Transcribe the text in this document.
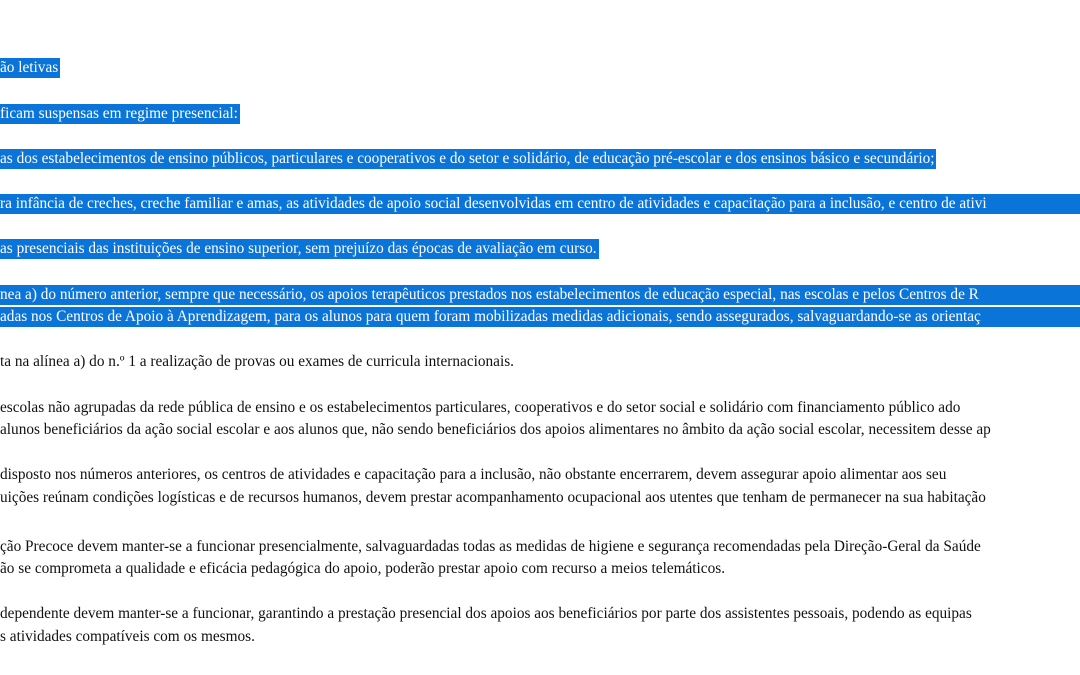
ão letivas
ficam suspensas em regime presencial:
as dos estabelecimentos de ensino públicos, particulares e cooperativos e do setor e solidário, de educação pré-escolar e dos ensinos básico e secundário;
ra infância de creches, creche familiar e amas, as atividades de apoio social desenvolvidas em centro de atividades e capacitação para a inclusão, e centro de ativi
as presenciais das instituições de ensino superior, sem prejuízo das épocas de avaliação em curso.
nea a) do número anterior, sempre que necessário, os apoios terapêuticos prestados nos estabelecimentos de educação especial, nas escolas e pelos Centros de R
adas nos Centros de Apoio à Aprendizagem, para os alunos para quem foram mobilizadas medidas adicionais, sendo assegurados, salvaguardando-se as orientaç
ta na alínea a) do n.º 1 a realização de provas ou exames de curricula internacionais.
escolas não agrupadas da rede pública de ensino e os estabelecimentos particulares, cooperativos e do setor social e solidário com financiamento público ado
alunos beneficiários da ação social escolar e aos alunos que, não sendo beneficiários dos apoios alimentares no âmbito da ação social escolar, necessitem desse ap
disposto nos números anteriores, os centros de atividades e capacitação para a inclusão, não obstante encerrarem, devem assegurar apoio alimentar aos seu
uições reúnam condições logísticas e de recursos humanos, devem prestar acompanhamento ocupacional aos utentes que tenham de permanecer na sua habitação
ção Precoce devem manter-se a funcionar presencialmente, salvaguardadas todas as medidas de higiene e segurança recomendadas pela Direção-Geral da Saúde
ão se comprometa a qualidade e eficácia pedagógica do apoio, poderão prestar apoio com recurso a meios telemáticos.
dependente devem manter-se a funcionar, garantindo a prestação presencial dos apoios aos beneficiários por parte dos assistentes pessoais, podendo as equipas
s atividades compatíveis com os mesmos.
